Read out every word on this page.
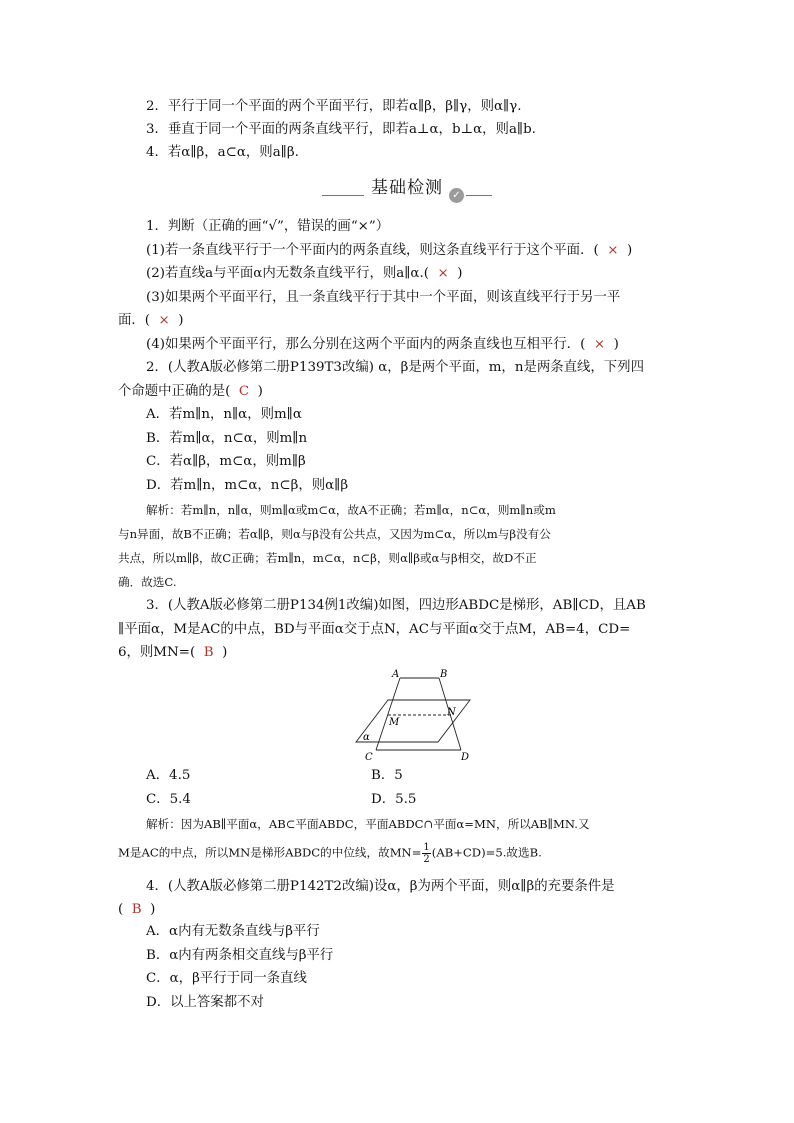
2．平行于同一个平面的两个平面平行，即若α∥β，β∥γ，则α∥γ.
3．垂直于同一个平面的两条直线平行，即若a⊥α，b⊥α，则a∥b.
4．若α∥β，a⊂α，则a∥β.
基础检测 ✓
1．判断（正确的画“√”，错误的画“×”）
(1)若一条直线平行于一个平面内的两条直线，则这条直线平行于这个平面．( × )
(2)若直线a与平面α内无数条直线平行，则a∥α.( × )
(3)如果两个平面平行，且一条直线平行于其中一个平面，则该直线平行于另一平
面．( × )
(4)如果两个平面平行，那么分别在这两个平面内的两条直线也互相平行．( × )
2．(人教A版必修第二册P139T3改编) α，β是两个平面，m，n是两条直线，下列四
个命题中正确的是( C )
A．若m∥n，n∥α，则m∥α
B．若m∥α，n⊂α，则m∥n
C．若α∥β，m⊂α，则m∥β
D．若m∥n，m⊂α，n⊂β，则α∥β
解析：若m∥n，n∥α，则m∥α或m⊂α，故A不正确；若m∥α，n⊂α，则m∥n或m
与n异面，故B不正确；若α∥β，则α与β没有公共点，又因为m⊂α，所以m与β没有公
共点，所以m∥β，故C正确；若m∥n，m⊂α，n⊂β，则α∥β或α与β相交，故D不正
确．故选C.
3．(人教A版必修第二册P134例1改编)如图，四边形ABDC是梯形，AB∥CD，且AB
∥平面α，M是AC的中点，BD与平面α交于点N，AC与平面α交于点M，AB=4，CD=
6，则MN=( B )
A	B
C	D
M
N
α
A．4.5	B．5
C．5.4	D．5.5
解析：因为AB∥平面α，AB⊂平面ABDC，平面ABDC∩平面α=MN，所以AB∥MN.又
M是AC的中点，所以MN是梯形ABDC的中位线，故$MN= \frac{1}{2} (AB+CD)=5$.故选B.
4．(人教A版必修第二册P142T2改编)设α，β为两个平面，则α∥β的充要条件是
( B )
A．α内有无数条直线与β平行
B．α内有两条相交直线与β平行
C．α，β平行于同一条直线
D．以上答案都不对
